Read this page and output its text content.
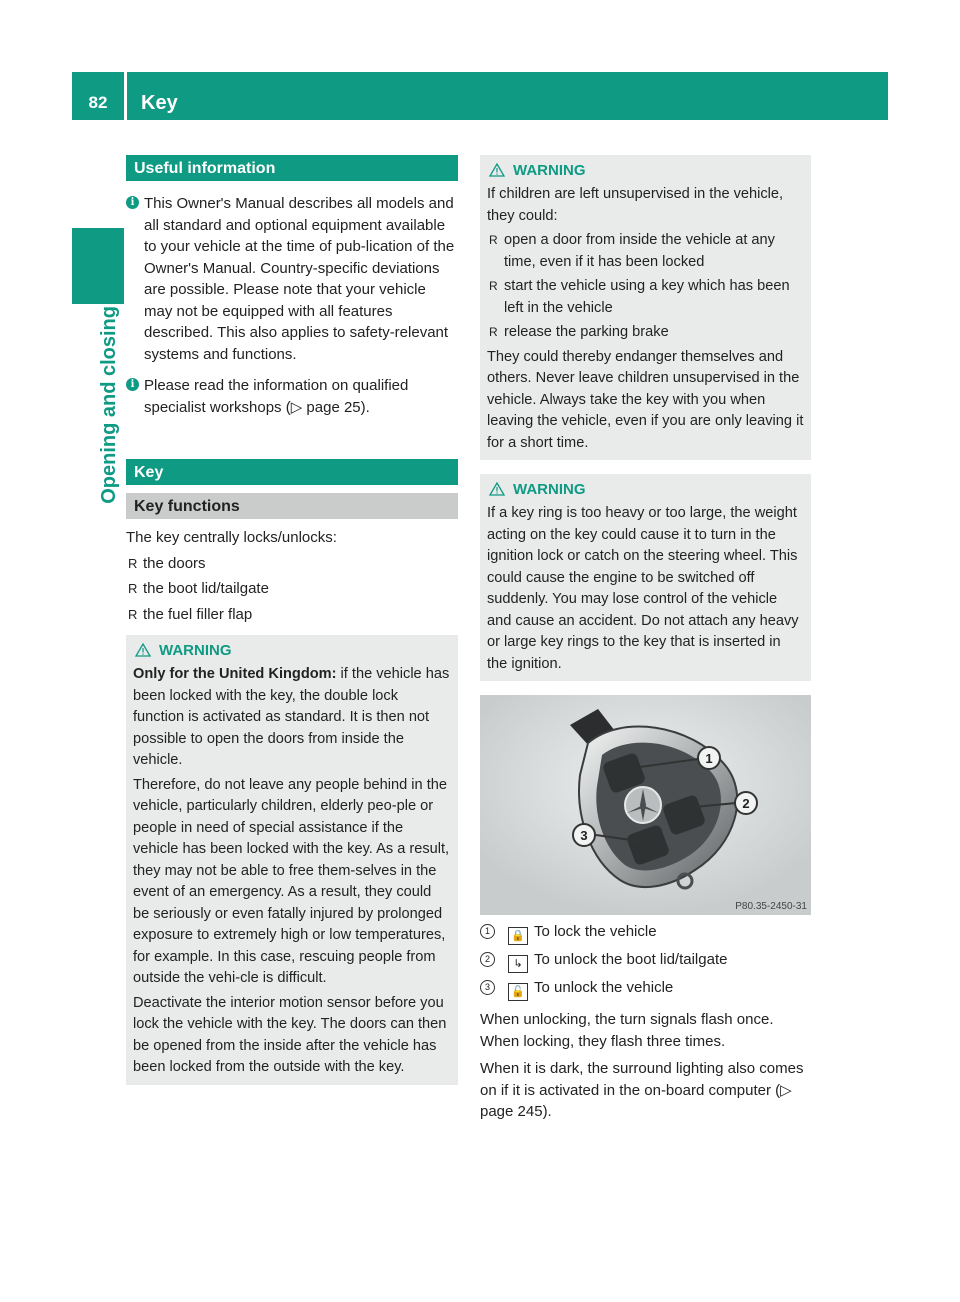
82	Key
Opening and closing
Useful information
i This Owner's Manual describes all models and all standard and optional equipment available to your vehicle at the time of pub-lication of the Owner's Manual. Country-specific deviations are possible. Please note that your vehicle may not be equipped with all features described. This also applies to safety-relevant systems and functions.
i Please read the information on qualified specialist workshops (▷ page 25).
Key
Key functions
The key centrally locks/unlocks:
R the doors
R the boot lid/tailgate
R the fuel filler flap
WARNING
Only for the United Kingdom: if the vehicle has been locked with the key, the double lock function is activated as standard. It is then not possible to open the doors from inside the vehicle.
Therefore, do not leave any people behind in the vehicle, particularly children, elderly peo-ple or people in need of special assistance if the vehicle has been locked with the key. As a result, they may not be able to free them-selves in the event of an emergency. As a result, they could be seriously or even fatally injured by prolonged exposure to extremely high or low temperatures, for example. In this case, rescuing people from outside the vehi-cle is difficult.
Deactivate the interior motion sensor before you lock the vehicle with the key. The doors can then be opened from the inside after the vehicle has been locked from the outside with the key.
WARNING
If children are left unsupervised in the vehicle, they could:
R open a door from inside the vehicle at any time, even if it has been locked
R start the vehicle using a key which has been left in the vehicle
R release the parking brake
They could thereby endanger themselves and others. Never leave children unsupervised in the vehicle. Always take the key with you when leaving the vehicle, even if you are only leaving it for a short time.
WARNING
If a key ring is too heavy or too large, the weight acting on the key could cause it to turn in the ignition lock or catch on the steering wheel. This could cause the engine to be switched off suddenly. You may lose control of the vehicle and cause an accident. Do not attach any heavy or large key rings to the key that is inserted in the ignition.
1
2
3
P80.35-2450-31
1	🔒 To lock the vehicle
2	↳ To unlock the boot lid/tailgate
3	🔓 To unlock the vehicle
When unlocking, the turn signals flash once. When locking, they flash three times.
When it is dark, the surround lighting also comes on if it is activated in the on-board computer (▷ page 245).
